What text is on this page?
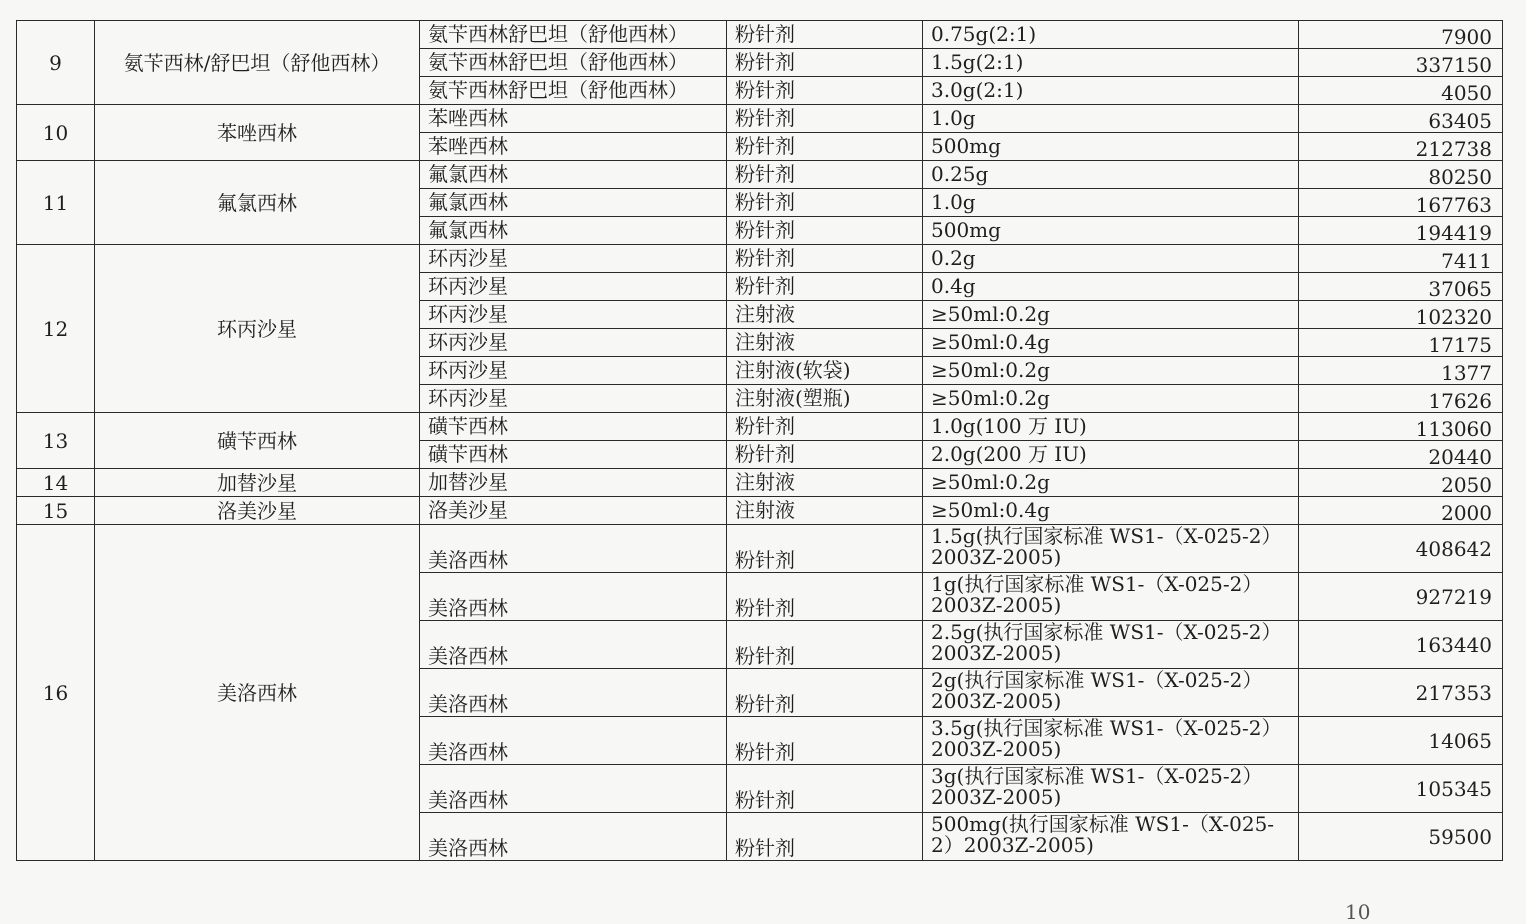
9	氨苄西林/舒巴坦（舒他西林）	氨苄西林舒巴坦（舒他西林）	粉针剂	0.75g(2:1)	7900
		氨苄西林舒巴坦（舒他西林）	粉针剂	1.5g(2:1)	337150
		氨苄西林舒巴坦（舒他西林）	粉针剂	3.0g(2:1)	4050
10	苯唑西林	苯唑西林	粉针剂	1.0g	63405
		苯唑西林	粉针剂	500mg	212738
11	氟氯西林	氟氯西林	粉针剂	0.25g	80250
		氟氯西林	粉针剂	1.0g	167763
		氟氯西林	粉针剂	500mg	194419
12	环丙沙星	环丙沙星	粉针剂	0.2g	7411
		环丙沙星	粉针剂	0.4g	37065
		环丙沙星	注射液	≥50ml:0.2g	102320
		环丙沙星	注射液	≥50ml:0.4g	17175
		环丙沙星	注射液(软袋)	≥50ml:0.2g	1377
		环丙沙星	注射液(塑瓶)	≥50ml:0.2g	17626
13	磺苄西林	磺苄西林	粉针剂	1.0g(100 万 IU)	113060
		磺苄西林	粉针剂	2.0g(200 万 IU)	20440
14	加替沙星	加替沙星	注射液	≥50ml:0.2g	2050
15	洛美沙星	洛美沙星	注射液	≥50ml:0.4g	2000
16	美洛西林	美洛西林	粉针剂	1.5g(执行国家标准 WS1-（X-025-2）2003Z-2005)	408642
		美洛西林	粉针剂	1g(执行国家标准 WS1-（X-025-2）2003Z-2005)	927219
		美洛西林	粉针剂	2.5g(执行国家标准 WS1-（X-025-2）2003Z-2005)	163440
		美洛西林	粉针剂	2g(执行国家标准 WS1-（X-025-2）2003Z-2005)	217353
		美洛西林	粉针剂	3.5g(执行国家标准 WS1-（X-025-2）2003Z-2005)	14065
		美洛西林	粉针剂	3g(执行国家标准 WS1-（X-025-2）2003Z-2005)	105345
		美洛西林	粉针剂	500mg(执行国家标准 WS1-（X-025-2）2003Z-2005)	59500
10
